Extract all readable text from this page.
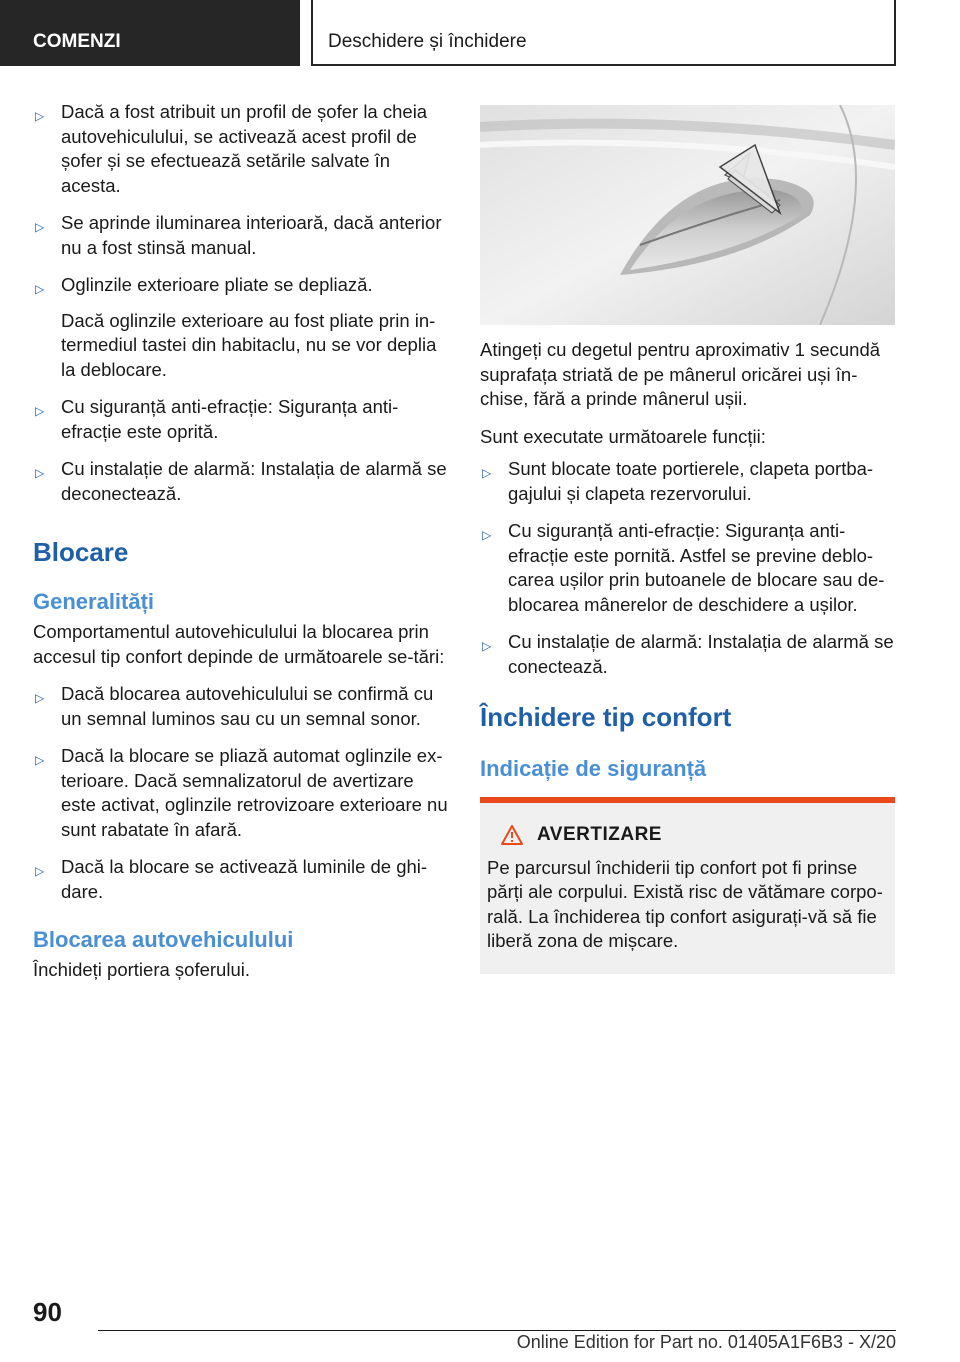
COMENZI	Deschidere și închidere
▷ Dacă a fost atribuit un profil de șofer la cheia autovehiculului, se activează acest profil de șofer și se efectuează setările salvate în acesta.
▷ Se aprinde iluminarea interioară, dacă anterior nu a fost stinsă manual.
▷ Oglinzile exterioare pliate se depliază.
Dacă oglinzile exterioare au fost pliate prin in‐termediul tastei din habitaclu, nu se vor deplia la deblocare.
▷ Cu siguranță anti-efracție: Siguranța anti-efracție este oprită.
▷ Cu instalație de alarmă: Instalația de alarmă se deconectează.
Blocare
Generalități

Comportamentul autovehiculului la blocarea prin accesul tip confort depinde de următoarele se‐tări:

▷ Dacă blocarea autovehiculului se confirmă cu un semnal luminos sau cu un semnal sonor.
▷ Dacă la blocare se pliază automat oglinzile ex‐terioare. Dacă semnalizatorul de avertizare este activat, oglinzile retrovizoare exterioare nu sunt rabatate în afară.
▷ Dacă la blocare se activează luminile de ghi‐dare.
Blocarea autovehiculului

Închideți portiera șoferului.

Atingeți cu degetul pentru aproximativ 1 secundă suprafața striată de pe mânerul oricărei uși în‐chise, fără a prinde mânerul ușii.

Sunt executate următoarele funcții:

▷ Sunt blocate toate portierele, clapeta portba‐gajului și clapeta rezervorului.
▷ Cu siguranță anti-efracție: Siguranța anti-efracție este pornită. Astfel se previne deblo‐carea ușilor prin butoanele de blocare sau de‐blocarea mânerelor de deschidere a ușilor.
▷ Cu instalație de alarmă: Instalația de alarmă se conectează.
Închidere tip confort
Indicație de siguranță
AVERTIZARE

Pe parcursul închiderii tip confort pot fi prinse părți ale corpului. Există risc de vătămare corpo‐rală. La închiderea tip confort asigurați-vă să fie liberă zona de mișcare.

90
Online Edition for Part no. 01405A1F6B3 - X/20
